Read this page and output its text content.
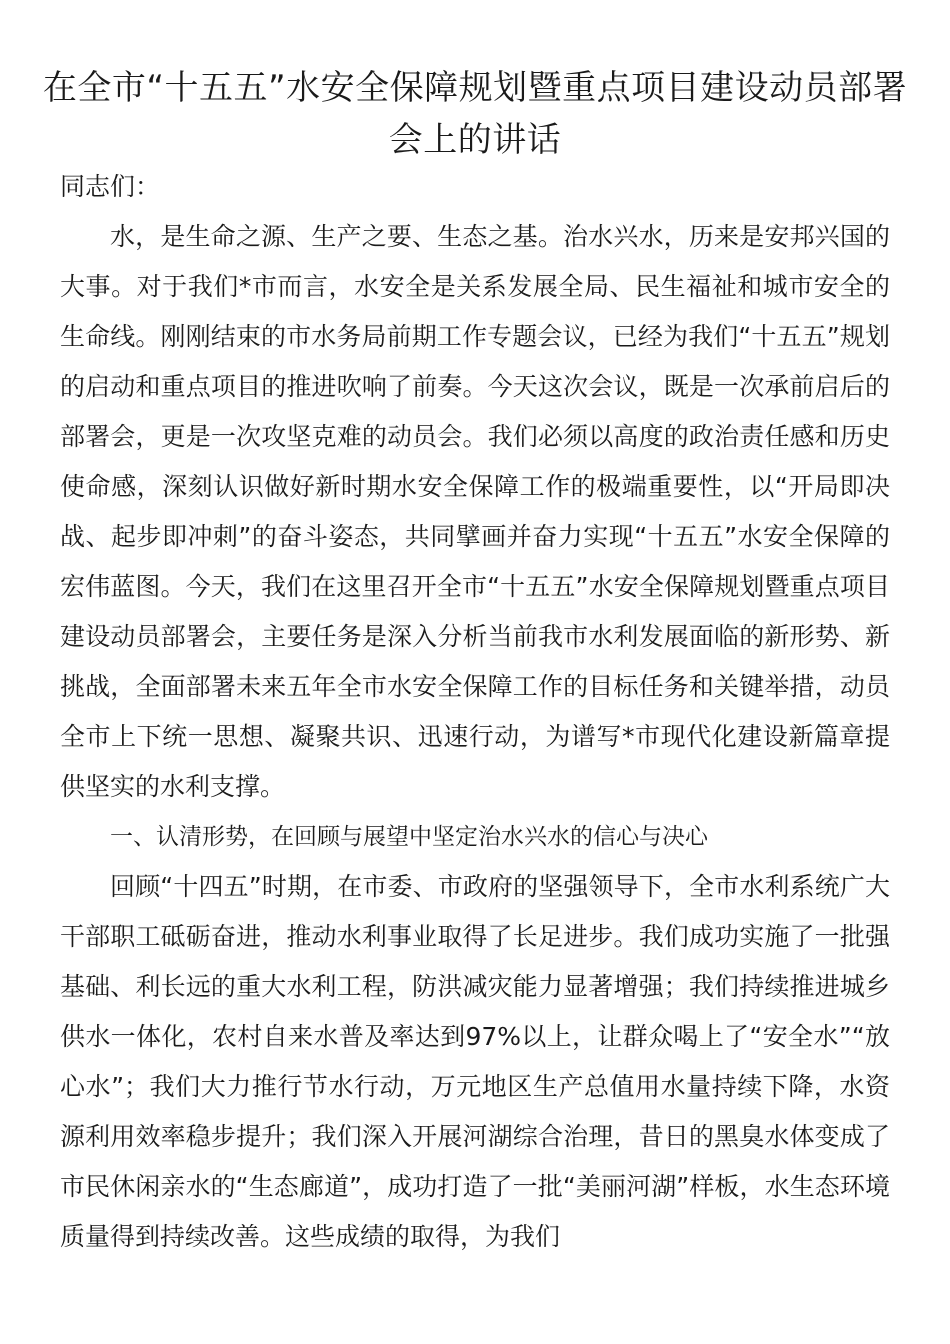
在全市“十五五”水安全保障规划暨重点项目建设动员部署会上的讲话

同志们：

水，是生命之源、生产之要、生态之基。治水兴水，历来是安邦兴国的大事。对于我们*市而言，水安全是关系发展全局、民生福祉和城市安全的生命线。刚刚结束的市水务局前期工作专题会议，已经为我们“十五五”规划的启动和重点项目的推进吹响了前奏。今天这次会议，既是一次承前启后的部署会，更是一次攻坚克难的动员会。我们必须以高度的政治责任感和历史使命感，深刻认识做好新时期水安全保障工作的极端重要性，以“开局即决战、起步即冲刺”的奋斗姿态，共同擘画并奋力实现“十五五”水安全保障的宏伟蓝图。今天，我们在这里召开全市“十五五”水安全保障规划暨重点项目建设动员部署会，主要任务是深入分析当前我市水利发展面临的新形势、新挑战，全面部署未来五年全市水安全保障工作的目标任务和关键举措，动员全市上下统一思想、凝聚共识、迅速行动，为谱写*市现代化建设新篇章提供坚实的水利支撑。

一、认清形势，在回顾与展望中坚定治水兴水的信心与决心

回顾“十四五”时期，在市委、市政府的坚强领导下，全市水利系统广大干部职工砥砺奋进，推动水利事业取得了长足进步。我们成功实施了一批强基础、利长远的重大水利工程，防洪减灾能力显著增强；我们持续推进城乡供水一体化，农村自来水普及率达到97%以上，让群众喝上了“安全水”“放心水”；我们大力推行节水行动，万元地区生产总值用水量持续下降，水资源利用效率稳步提升；我们深入开展河湖综合治理，昔日的黑臭水体变成了市民休闲亲水的“生态廊道”，成功打造了一批“美丽河湖”样板，水生态环境质量得到持续改善。这些成绩的取得，为我们
